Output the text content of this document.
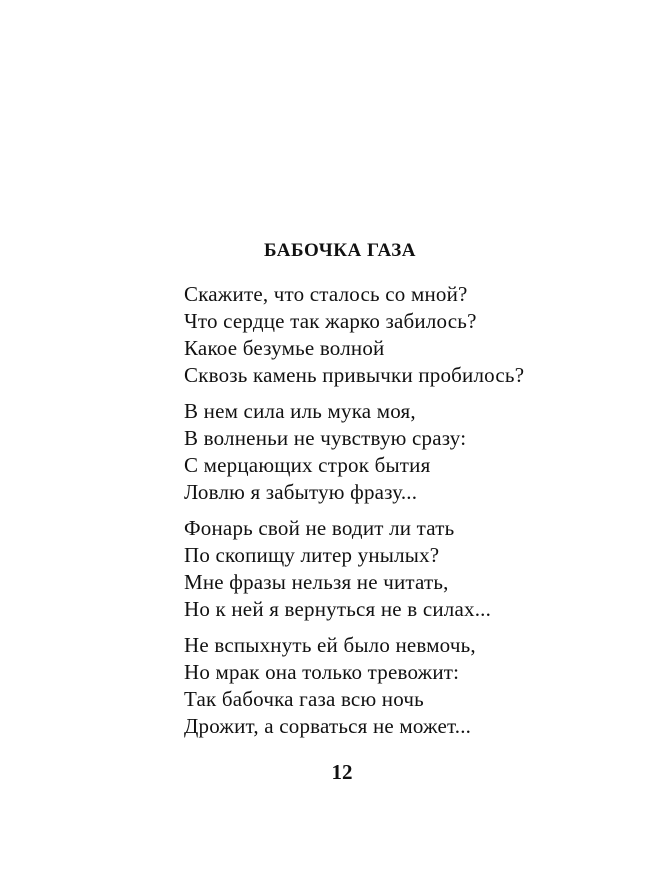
БАБОЧКА ГАЗА
Скажите, что сталось со мной?
Что сердце так жарко забилось?
Какое безумье волной
Сквозь камень привычки пробилось?
В нем сила иль мука моя,
В волненьи не чувствую сразу:
С мерцающих строк бытия
Ловлю я забытую фразу...
Фонарь свой не водит ли тать
По скопищу литер унылых?
Мне фразы нельзя не читать,
Но к ней я вернуться не в силах...
Не вспыхнуть ей было невмочь,
Но мрак она только тревожит:
Так бабочка газа всю ночь
Дрожит, а сорваться не может...
12
